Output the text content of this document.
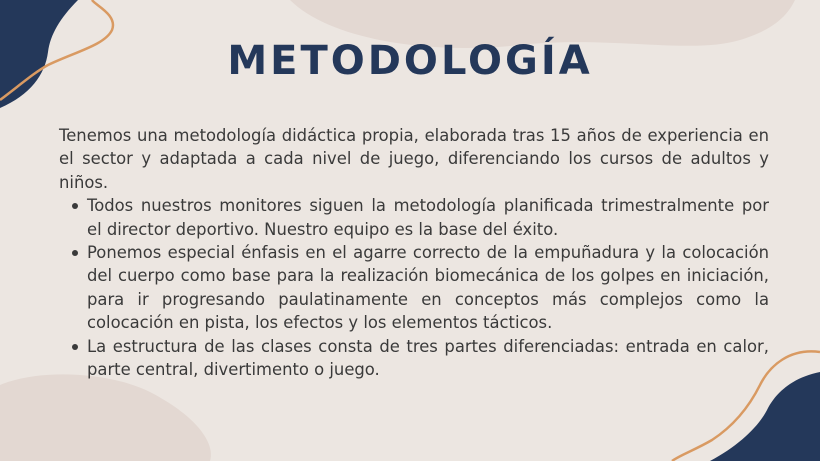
METODOLOGÍA

Tenemos una metodología didáctica propia, elaborada tras 15 años de experiencia en el sector y adaptada a cada nivel de juego, diferenciando los cursos de adultos y niños.

Todos nuestros monitores siguen la metodología planificada trimestralmente por el director deportivo. Nuestro equipo es la base del éxito.
Ponemos especial énfasis en el agarre correcto de la empuñadura y la colocación del cuerpo como base para la realización biomecánica de los golpes en iniciación, para ir progresando paulatinamente en conceptos más complejos como la colocación en pista, los efectos y los elementos tácticos.
La estructura de las clases consta de tres partes diferenciadas: entrada en calor, parte central, divertimento o juego.
